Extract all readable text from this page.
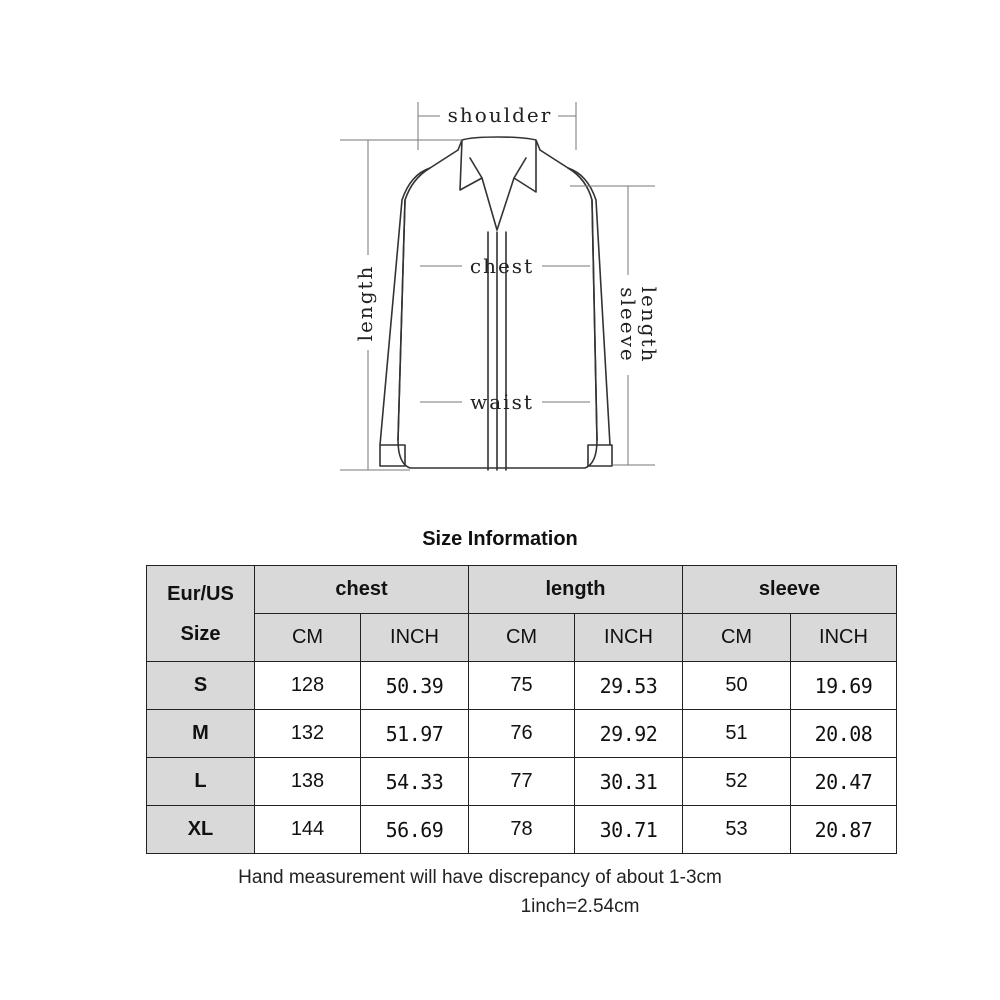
shoulder
chest
waist
length	sleeve
length
Size Information
Eur/US
Size	chest		length		sleeve	
	CM	INCH	CM	INCH	CM	INCH
S	128	50.39	75	29.53	50	19.69
M	132	51.97	76	29.92	51	20.08
L	138	54.33	77	30.31	52	20.47
XL	144	56.69	78	30.71	53	20.87
Hand measurement will have discrepancy of about 1-3cm
1inch=2.54cm
